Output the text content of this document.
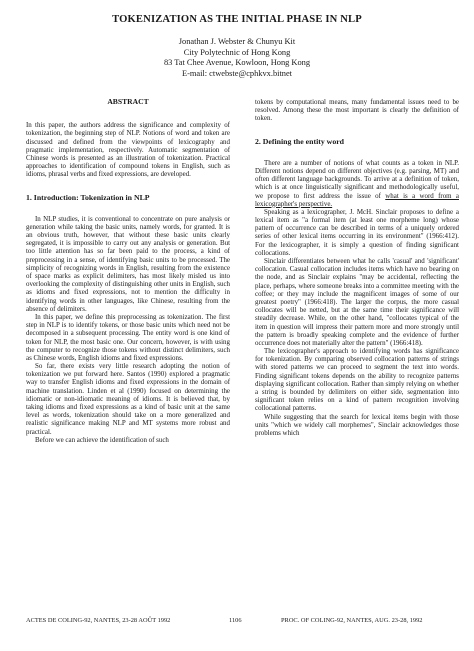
TOKENIZATION AS THE INITIAL PHASE IN NLP
Jonathan J. Webster & Chunyu Kit
City Polytechnic of Hong Kong
83 Tat Chee Avenue, Kowloon, Hong Kong
E-mail: ctwebste@cphkvx.bitnet
ABSTRACT

In this paper, the authors address the significance and complexity of tokenization, the beginning step of NLP. Notions of word and token are discussed and defined from the viewpoints of lexicography and pragmatic implementation, respectively. Automatic segmentation of Chinese words is presented as an illustration of tokenization. Practical approaches to identification of compound tokens in English, such as idioms, phrasal verbs and fixed expressions, are developed.

1. Introduction: Tokenization in NLP

In NLP studies, it is conventional to concentrate on pure analysis or generation while taking the basic units, namely words, for granted. It is an obvious truth, however, that without these basic units clearly segregated, it is impossible to carry out any analysis or generation. But too little attention has so far been paid to the process, a kind of preprocessing in a sense, of identifying basic units to be processed. The simplicity of recognizing words in English, resulting from the existence of space marks as explicit delimiters, has most likely misled us into overlooking the complexity of distinguishing other units in English, such as idioms and fixed expressions, not to mention the difficulty in identifying words in other languages, like Chinese, resulting from the absence of delimiters.

In this paper, we define this preprocessing as tokenization. The first step in NLP is to identify tokens, or those basic units which need not be decomposed in a subsequent processing. The entity word is one kind of token for NLP, the most basic one. Our concern, however, is with using the computer to recognize those tokens without distinct delimiters, such as Chinese words, English idioms and fixed expressions.

So far, there exists very little research adopting the notion of tokenization we put forward here. Santos (1990) explored a pragmatic way to transfer English idioms and fixed expressions in the domain of machine translation. Linden et al (1990) focused on determining the idiomatic or non-idiomatic meaning of idioms. It is believed that, by taking idioms and fixed expressions as a kind of basic unit at the same level as words, tokenization should take on a more generalized and realistic significance making NLP and MT systems more robust and practical.

Before we can achieve the identification of such

tokens by computational means, many fundamental issues need to be resolved. Among these the most important is clearly the definition of token.

2. Defining the entity word

There are a number of notions of what counts as a token in NLP. Different notions depend on different objectives (e.g. parsing, MT) and often different language backgrounds. To arrive at a definition of token, which is at once linguistically significant and methodologically useful, we propose to first address the issue of what is a word from a lexicographer's perspective.

Speaking as a lexicographer, J. McH. Sinclair proposes to define a lexical item as "a formal item (at least one morpheme long) whose pattern of occurrence can be described in terms of a uniquely ordered series of other lexical items occurring in its environment" (1966:412). For the lexicographer, it is simply a question of finding significant collocations.

Sinclair differentiates between what he calls 'casual' and 'significant' collocation. Casual collocation includes items which have no bearing on the node, and as Sinclair explains "may be accidental, reflecting the place, perhaps, where someone breaks into a committee meeting with the coffee; or they may include the magnificent images of some of our greatest poetry" (1966:418). The larger the corpus, the more casual collocates will be netted, but at the same time their significance will steadily decrease. While, on the other hand, "collocates typical of the item in question will impress their pattern more and more strongly until the pattern is broadly speaking complete and the evidence of further occurrence does not materially alter the pattern" (1966:418).

The lexicographer's approach to identifying words has significance for tokenization. By comparing observed collocation patterns of strings with stored patterns we can proceed to segment the text into words. Finding significant tokens depends on the ability to recognize patterns displaying significant collocation. Rather than simply relying on whether a string is bounded by delimiters on either side, segmentation into significant token relies on a kind of pattern recognition involving collocational patterns.

While suggesting that the search for lexical items begin with those units "which we widely call morphemes", Sinclair acknowledges those problems which

ACTES DE COLING-92, NANTES, 23-28 AOÛT 1992	1106	PROC. OF COLING-92, NANTES, AUG. 23-28, 1992
